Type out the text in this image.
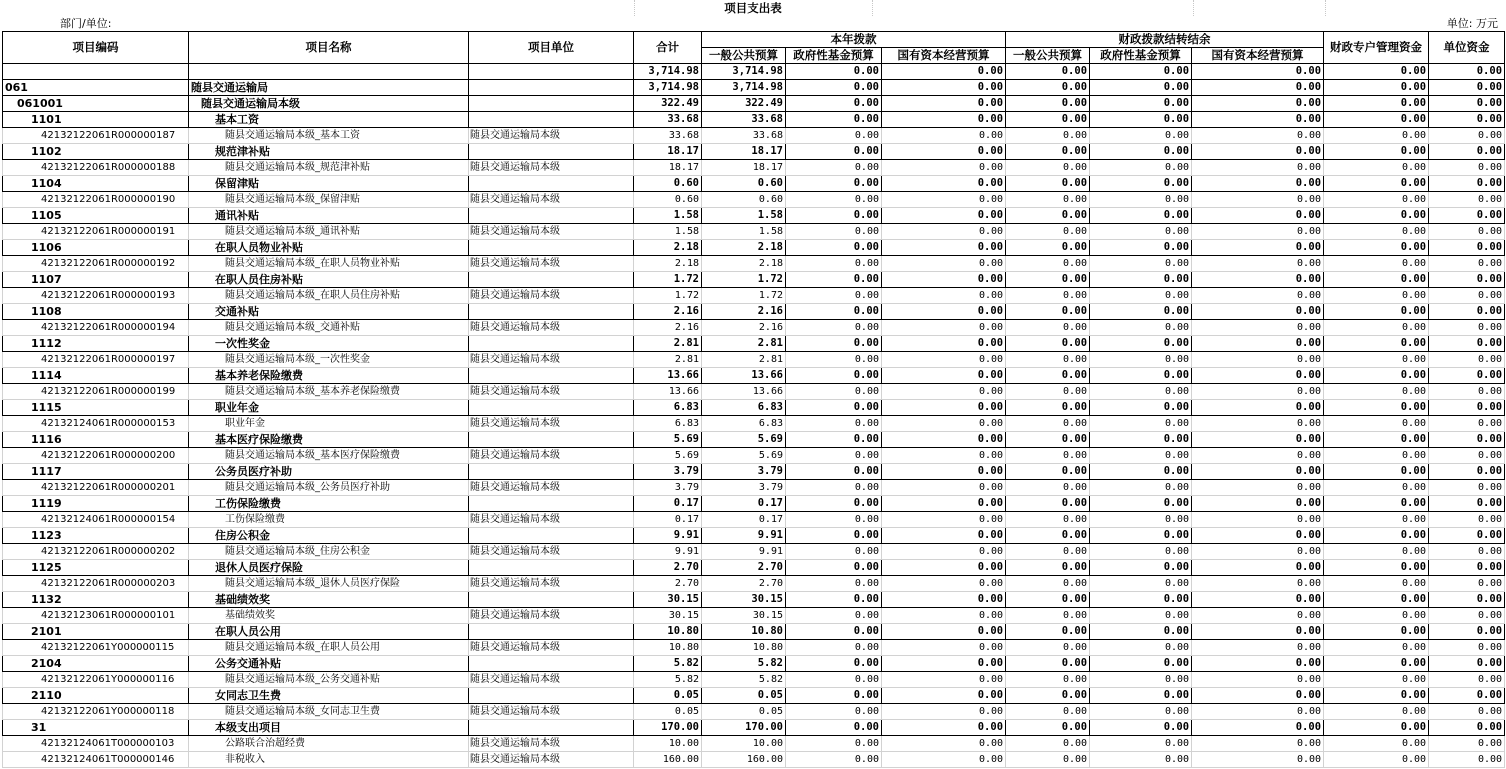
项目支出表
部门/单位:	单位: 万元
项目编码	项目名称	项目单位	合计	本年拨款			财政拨款结转结余			财政专户管理资金	单位资金
				一般公共预算	政府性基金预算	国有资本经营预算	一般公共预算	政府性基金预算	国有资本经营预算		
			3,714.98	3,714.98	0.00	0.00	0.00	0.00	0.00	0.00	0.00
061	随县交通运输局		3,714.98	3,714.98	0.00	0.00	0.00	0.00	0.00	0.00	0.00
061001	随县交通运输局本级		322.49	322.49	0.00	0.00	0.00	0.00	0.00	0.00	0.00
1101	基本工资		33.68	33.68	0.00	0.00	0.00	0.00	0.00	0.00	0.00
42132122061R000000187	随县交通运输局本级_基本工资	随县交通运输局本级	33.68	33.68	0.00	0.00	0.00	0.00	0.00	0.00	0.00
1102	规范津补贴		18.17	18.17	0.00	0.00	0.00	0.00	0.00	0.00	0.00
42132122061R000000188	随县交通运输局本级_规范津补贴	随县交通运输局本级	18.17	18.17	0.00	0.00	0.00	0.00	0.00	0.00	0.00
1104	保留津贴		0.60	0.60	0.00	0.00	0.00	0.00	0.00	0.00	0.00
42132122061R000000190	随县交通运输局本级_保留津贴	随县交通运输局本级	0.60	0.60	0.00	0.00	0.00	0.00	0.00	0.00	0.00
1105	通讯补贴		1.58	1.58	0.00	0.00	0.00	0.00	0.00	0.00	0.00
42132122061R000000191	随县交通运输局本级_通讯补贴	随县交通运输局本级	1.58	1.58	0.00	0.00	0.00	0.00	0.00	0.00	0.00
1106	在职人员物业补贴		2.18	2.18	0.00	0.00	0.00	0.00	0.00	0.00	0.00
42132122061R000000192	随县交通运输局本级_在职人员物业补贴	随县交通运输局本级	2.18	2.18	0.00	0.00	0.00	0.00	0.00	0.00	0.00
1107	在职人员住房补贴		1.72	1.72	0.00	0.00	0.00	0.00	0.00	0.00	0.00
42132122061R000000193	随县交通运输局本级_在职人员住房补贴	随县交通运输局本级	1.72	1.72	0.00	0.00	0.00	0.00	0.00	0.00	0.00
1108	交通补贴		2.16	2.16	0.00	0.00	0.00	0.00	0.00	0.00	0.00
42132122061R000000194	随县交通运输局本级_交通补贴	随县交通运输局本级	2.16	2.16	0.00	0.00	0.00	0.00	0.00	0.00	0.00
1112	一次性奖金		2.81	2.81	0.00	0.00	0.00	0.00	0.00	0.00	0.00
42132122061R000000197	随县交通运输局本级_一次性奖金	随县交通运输局本级	2.81	2.81	0.00	0.00	0.00	0.00	0.00	0.00	0.00
1114	基本养老保险缴费		13.66	13.66	0.00	0.00	0.00	0.00	0.00	0.00	0.00
42132122061R000000199	随县交通运输局本级_基本养老保险缴费	随县交通运输局本级	13.66	13.66	0.00	0.00	0.00	0.00	0.00	0.00	0.00
1115	职业年金		6.83	6.83	0.00	0.00	0.00	0.00	0.00	0.00	0.00
42132124061R000000153	职业年金	随县交通运输局本级	6.83	6.83	0.00	0.00	0.00	0.00	0.00	0.00	0.00
1116	基本医疗保险缴费		5.69	5.69	0.00	0.00	0.00	0.00	0.00	0.00	0.00
42132122061R000000200	随县交通运输局本级_基本医疗保险缴费	随县交通运输局本级	5.69	5.69	0.00	0.00	0.00	0.00	0.00	0.00	0.00
1117	公务员医疗补助		3.79	3.79	0.00	0.00	0.00	0.00	0.00	0.00	0.00
42132122061R000000201	随县交通运输局本级_公务员医疗补助	随县交通运输局本级	3.79	3.79	0.00	0.00	0.00	0.00	0.00	0.00	0.00
1119	工伤保险缴费		0.17	0.17	0.00	0.00	0.00	0.00	0.00	0.00	0.00
42132124061R000000154	工伤保险缴费	随县交通运输局本级	0.17	0.17	0.00	0.00	0.00	0.00	0.00	0.00	0.00
1123	住房公积金		9.91	9.91	0.00	0.00	0.00	0.00	0.00	0.00	0.00
42132122061R000000202	随县交通运输局本级_住房公积金	随县交通运输局本级	9.91	9.91	0.00	0.00	0.00	0.00	0.00	0.00	0.00
1125	退休人员医疗保险		2.70	2.70	0.00	0.00	0.00	0.00	0.00	0.00	0.00
42132122061R000000203	随县交通运输局本级_退休人员医疗保险	随县交通运输局本级	2.70	2.70	0.00	0.00	0.00	0.00	0.00	0.00	0.00
1132	基础绩效奖		30.15	30.15	0.00	0.00	0.00	0.00	0.00	0.00	0.00
42132123061R000000101	基础绩效奖	随县交通运输局本级	30.15	30.15	0.00	0.00	0.00	0.00	0.00	0.00	0.00
2101	在职人员公用		10.80	10.80	0.00	0.00	0.00	0.00	0.00	0.00	0.00
42132122061Y000000115	随县交通运输局本级_在职人员公用	随县交通运输局本级	10.80	10.80	0.00	0.00	0.00	0.00	0.00	0.00	0.00
2104	公务交通补贴		5.82	5.82	0.00	0.00	0.00	0.00	0.00	0.00	0.00
42132122061Y000000116	随县交通运输局本级_公务交通补贴	随县交通运输局本级	5.82	5.82	0.00	0.00	0.00	0.00	0.00	0.00	0.00
2110	女同志卫生费		0.05	0.05	0.00	0.00	0.00	0.00	0.00	0.00	0.00
42132122061Y000000118	随县交通运输局本级_女同志卫生费	随县交通运输局本级	0.05	0.05	0.00	0.00	0.00	0.00	0.00	0.00	0.00
31	本级支出项目		170.00	170.00	0.00	0.00	0.00	0.00	0.00	0.00	0.00
42132124061T000000103	公路联合治超经费	随县交通运输局本级	10.00	10.00	0.00	0.00	0.00	0.00	0.00	0.00	0.00
42132124061T000000146	非税收入	随县交通运输局本级	160.00	160.00	0.00	0.00	0.00	0.00	0.00	0.00	0.00
